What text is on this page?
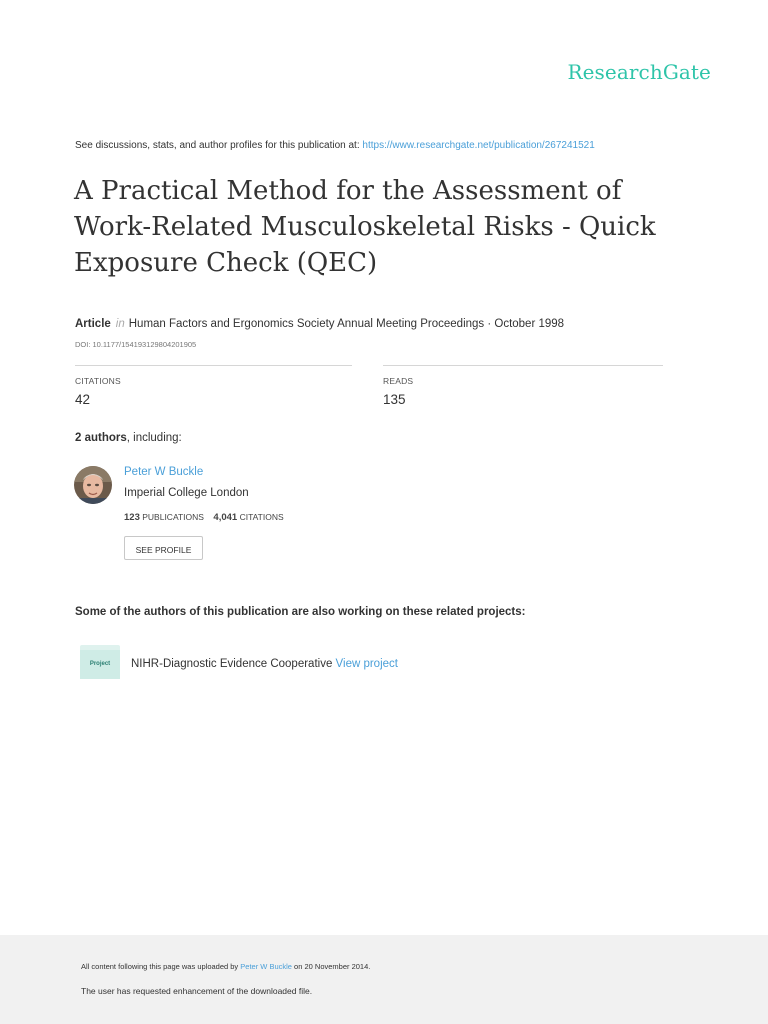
ResearchGate
See discussions, stats, and author profiles for this publication at: https://www.researchgate.net/publication/267241521
A Practical Method for the Assessment of Work-Related Musculoskeletal Risks - Quick Exposure Check (QEC)
Article in Human Factors and Ergonomics Society Annual Meeting Proceedings · October 1998
DOI: 10.1177/154193129804201905
CITATIONS
42
READS
135
2 authors, including:
Peter W Buckle
Imperial College London
123 PUBLICATIONS 4,041 CITATIONS
SEE PROFILE
Some of the authors of this publication are also working on these related projects:
Project	NIHR-Diagnostic Evidence Cooperative View project
All content following this page was uploaded by Peter W Buckle on 20 November 2014.
The user has requested enhancement of the downloaded file.
